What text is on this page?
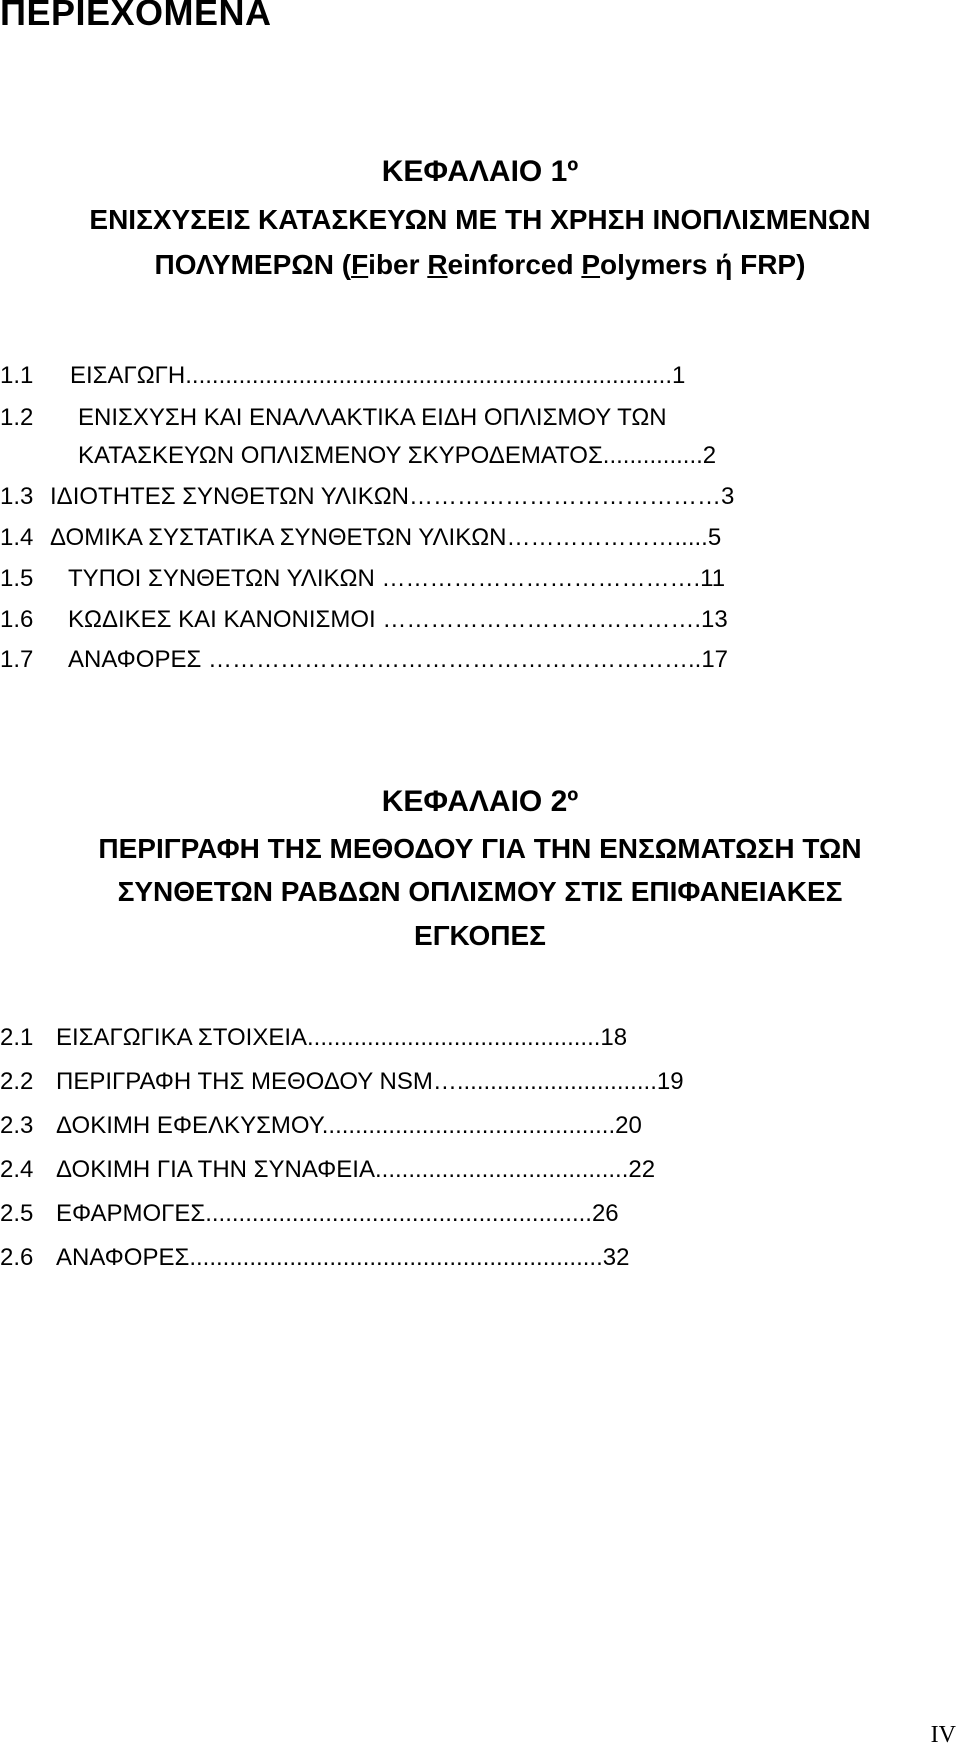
ΠΕΡΙΕΧΟΜΕΝΑ
ΚΕΦΑΛΑΙΟ 1º
ΕΝΙΣΧΥΣΕΙΣ ΚΑΤΑΣΚΕΥΩΝ ΜΕ ΤΗ ΧΡΗΣΗ ΙΝΟΠΛΙΣΜΕΝΩΝ
ΠΟΛΥΜΕΡΩΝ (Fiber Reinforced Polymers ή FRP)
1.1 ΕΙΣΑΓΩΓΗ.........................................................................1
1.2 ΕΝΙΣΧΥΣΗ ΚΑΙ ΕΝΑΛΛΑΚΤΙΚΑ ΕΙΔΗ ΟΠΛΙΣΜΟΥ ΤΩΝ
ΚΑΤΑΣΚΕΥΩΝ ΟΠΛΙΣΜΕΝΟΥ ΣΚΥΡΟΔΕΜΑΤΟΣ...............2
1.3 ΙΔΙΟΤΗΤΕΣ ΣΥΝΘΕΤΩΝ ΥΛΙΚΩΝ…………………………………3
1.4 ΔΟΜΙΚΑ ΣΥΣΤΑΤΙΚΑ ΣΥΝΘΕΤΩΝ ΥΛΙΚΩΝ………………….....5
1.5 ΤΥΠΟΙ ΣΥΝΘΕΤΩΝ ΥΛΙΚΩΝ ………………………………….11
1.6 ΚΩΔΙΚΕΣ ΚΑΙ ΚΑΝΟΝΙΣΜΟΙ ………………………………….13
1.7 ΑΝΑΦΟΡΕΣ ……………………………………………………..17
ΚΕΦΑΛΑΙΟ 2º
ΠΕΡΙΓΡΑΦΗ ΤΗΣ ΜΕΘΟΔΟΥ ΓΙΑ ΤΗΝ ΕΝΣΩΜΑΤΩΣΗ ΤΩΝ
ΣΥΝΘΕΤΩΝ ΡΑΒΔΩΝ ΟΠΛΙΣΜΟΥ ΣΤΙΣ ΕΠΙΦΑΝΕΙΑΚΕΣ
ΕΓΚΟΠΕΣ
2.1 ΕΙΣΑΓΩΓΙΚΑ ΣΤΟΙΧΕΙΑ............................................18
2.2 ΠΕΡΙΓΡΑΦΗ ΤΗΣ ΜΕΘΟΔΟΥ NSM…..............................19
2.3 ΔΟΚΙΜΗ ΕΦΕΛΚΥΣΜΟΥ............................................20
2.4 ΔΟΚΙΜΗ ΓΙΑ ΤΗΝ ΣΥΝΑΦΕΙΑ......................................22
2.5 ΕΦΑΡΜΟΓΕΣ..........................................................26
2.6 ΑΝΑΦΟΡΕΣ..............................................................32
IV
